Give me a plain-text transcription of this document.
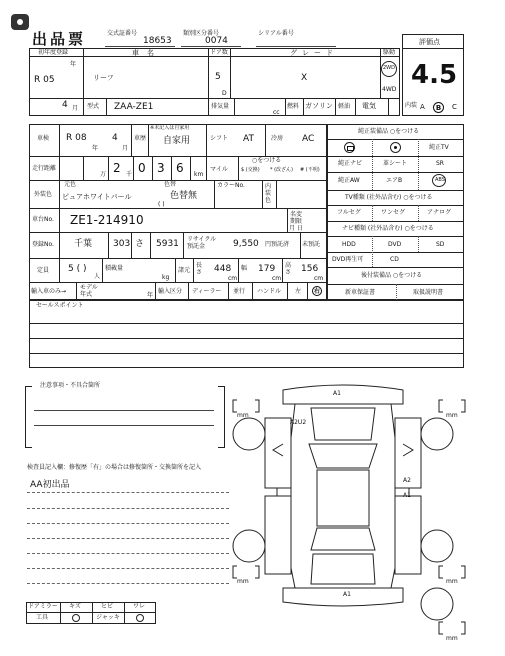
出品票	交式証番号
18653
類別区分番号
0074
シリアル番号
評価点
4.5
初年度登録
年
R 05
4 月
車名
リーフ
ドア数
5
D
グレード
X
駆動
2WD
4WD
型式 ZAA-ZE1	排気量
cc
燃料 ガソリン 軽油 電気	内装 A	B	C
車検 R 08
年
4
月
車歴
※未記入は自家用
自家用	シフト AT	冷房 AC
走行距離
万 2 千 0 3 6 km
マイル
○をつける
$ (交換) * (改ざん) # (不明)
外装色
元色
ピュアホワイトパール
色替
色替無
( )
カラーNo.	内装色
車台No. ZE1-214910	名変期限
月 日
登録No. 千葉 303 さ 5931 リサイクル預託金	9,550 円預託済 未預託
定員 5 ( )
人
積載量
kg
諸元
長さ 448
cm
幅 179
cm
高さ 156
cm
輸入車のみ→
モデル年式	年
輸入区分 ディーラー 並行 ハンドル 左	右
純正装備品 ○をつける
純正TV
純正ナビ	革シート	SR
純正AW	エアB	ABS
TV種類 (社外品含む) ○をつける
フルセグ	ワンセグ	アナログ
ナビ種類 (社外品含む) ○をつける
HDD	DVD	SD
DVD再生可	CD
後付装備品 ○をつける
新車保証書	取扱説明書
セールスポイント
注意事項・不具合箇所
検査員記入欄：修復歴「有」の場合は修復箇所・交換箇所を記入
AA初出品
ドアミラー キズ	ヒビ	ワレ
工具	ジャッキ
A1
A2U2
A2
A1
A1
mm	mm
mm	mm
mm
